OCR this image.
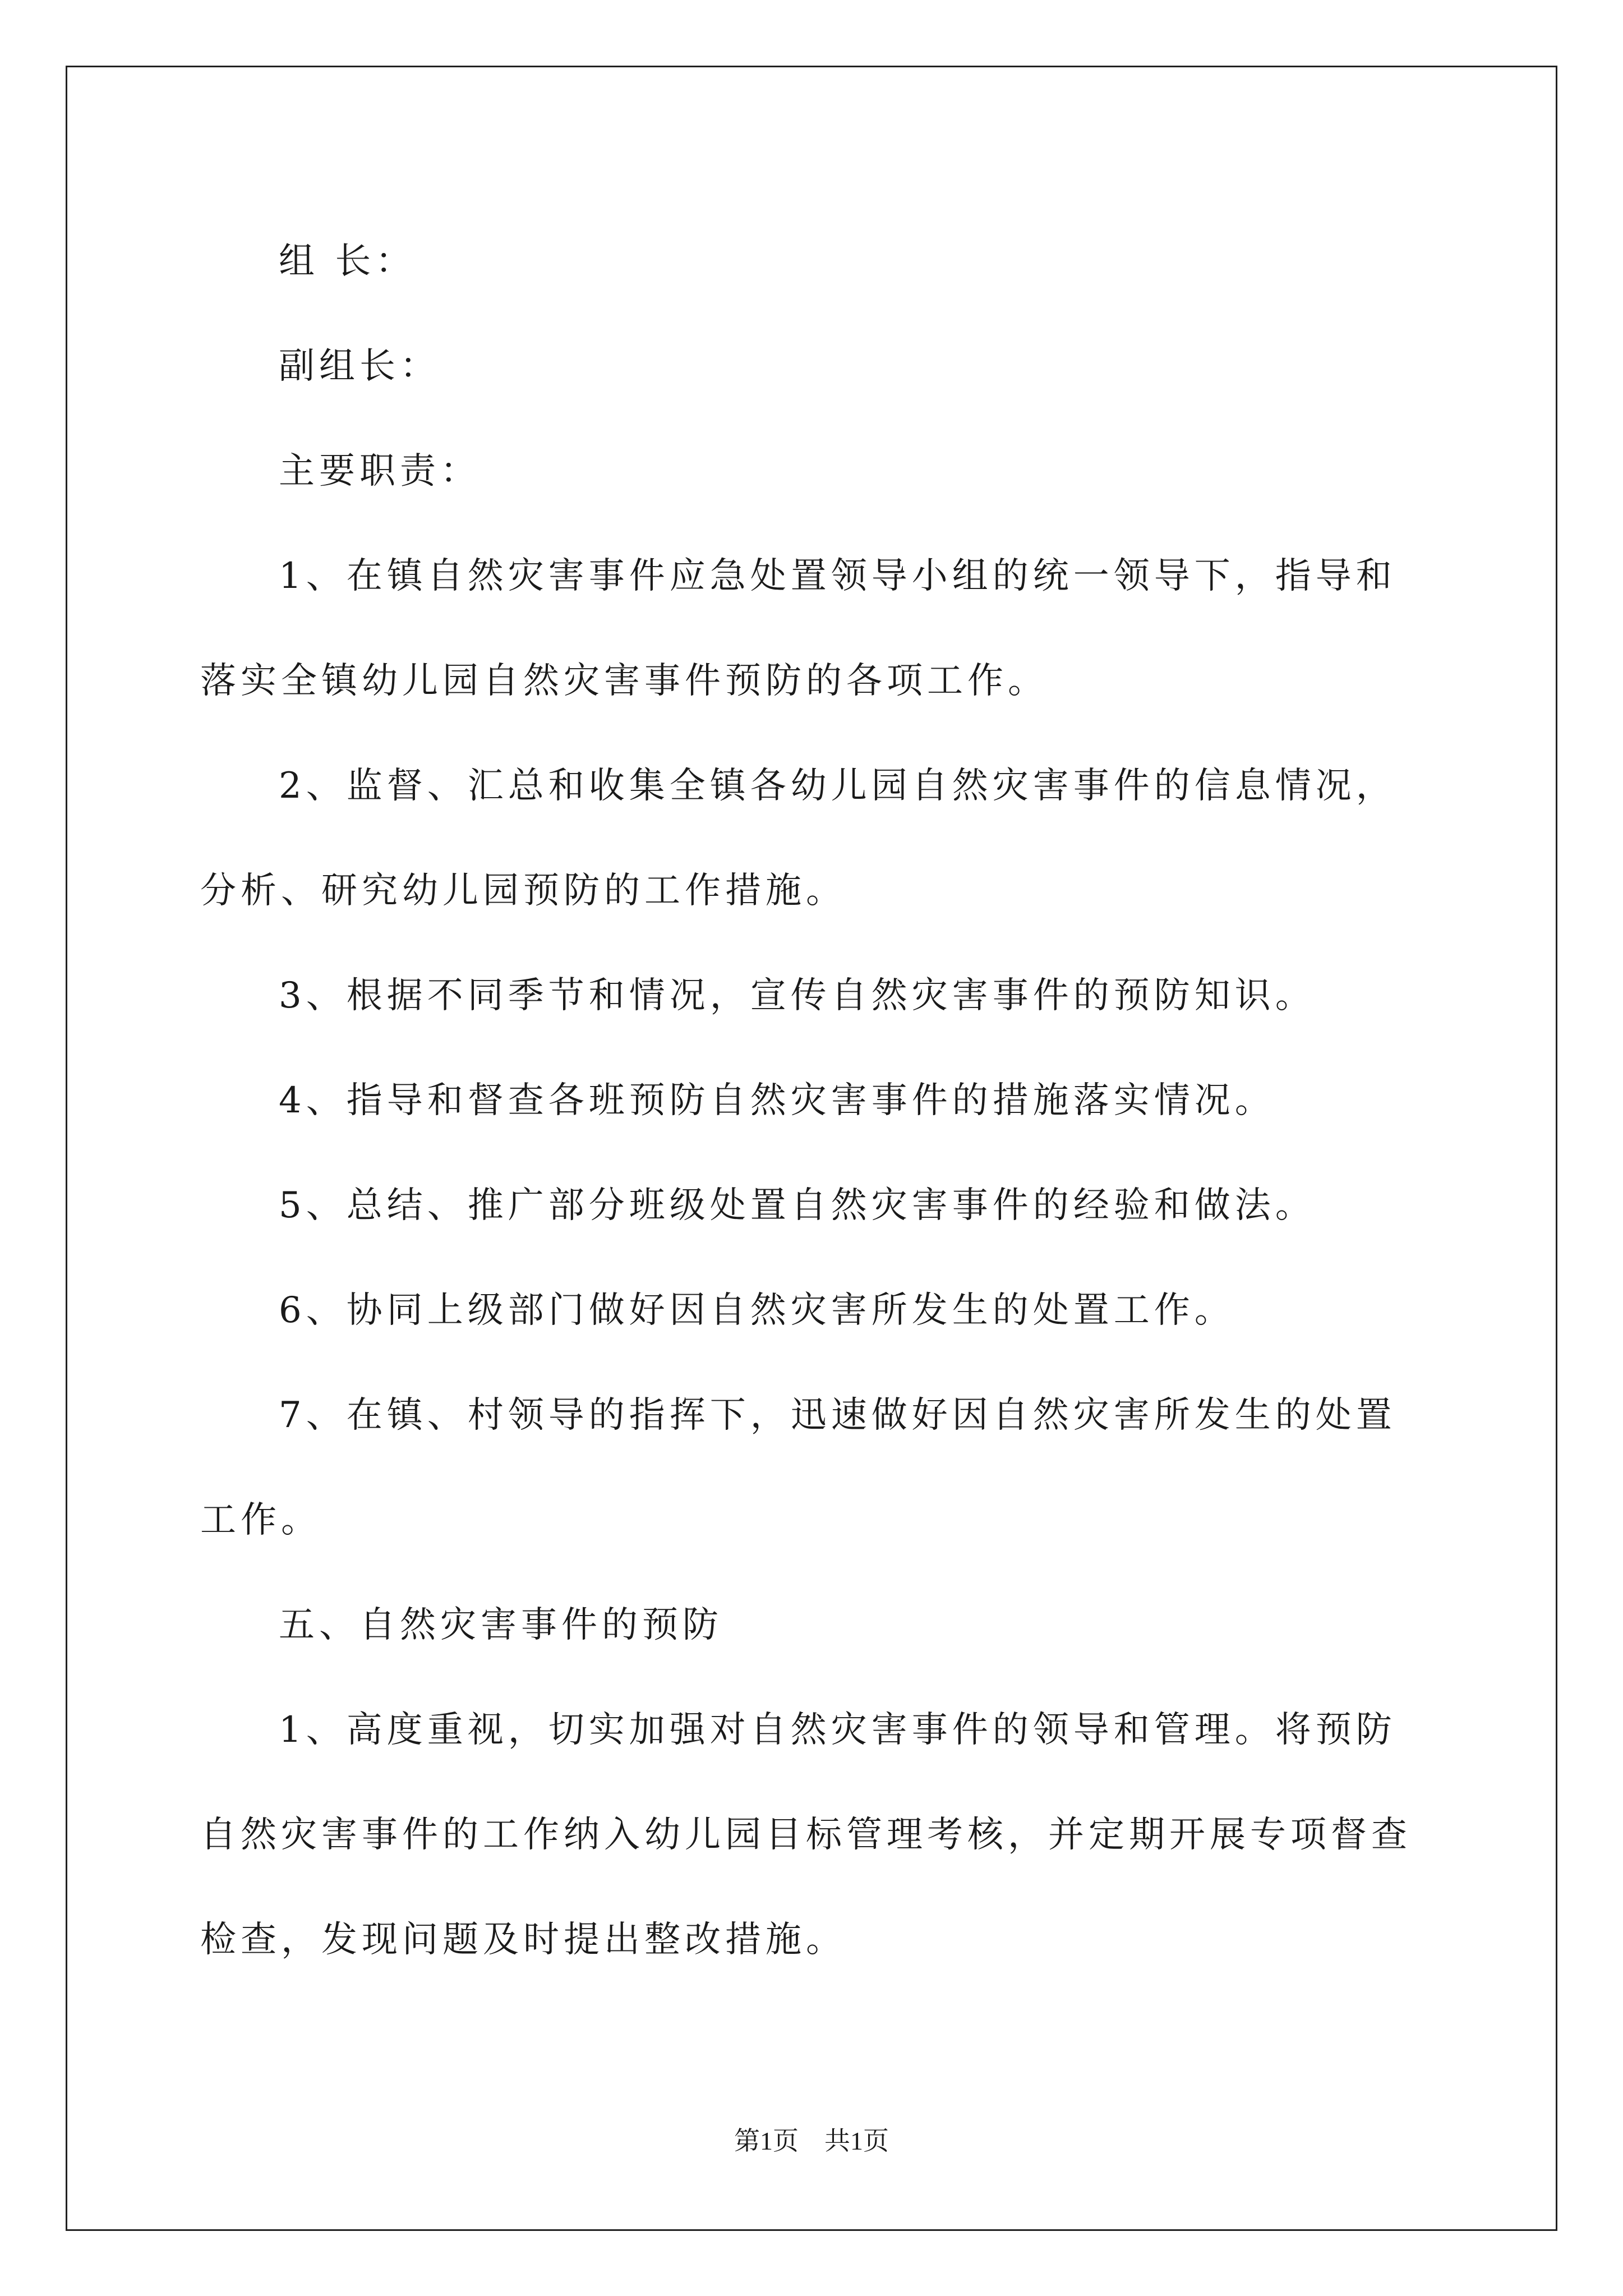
组 长：

副组长：

主要职责：

1、在镇自然灾害事件应急处置领导小组的统一领导下，指导和落实全镇幼儿园自然灾害事件预防的各项工作。

2、监督、汇总和收集全镇各幼儿园自然灾害事件的信息情况，分析、研究幼儿园预防的工作措施。

3、根据不同季节和情况，宣传自然灾害事件的预防知识。

4、指导和督查各班预防自然灾害事件的措施落实情况。

5、总结、推广部分班级处置自然灾害事件的经验和做法。

6、协同上级部门做好因自然灾害所发生的处置工作。

7、在镇、村领导的指挥下，迅速做好因自然灾害所发生的处置工作。

五、自然灾害事件的预防

1、高度重视，切实加强对自然灾害事件的领导和管理。将预防自然灾害事件的工作纳入幼儿园目标管理考核，并定期开展专项督查检查，发现问题及时提出整改措施。

第1页 共1页
